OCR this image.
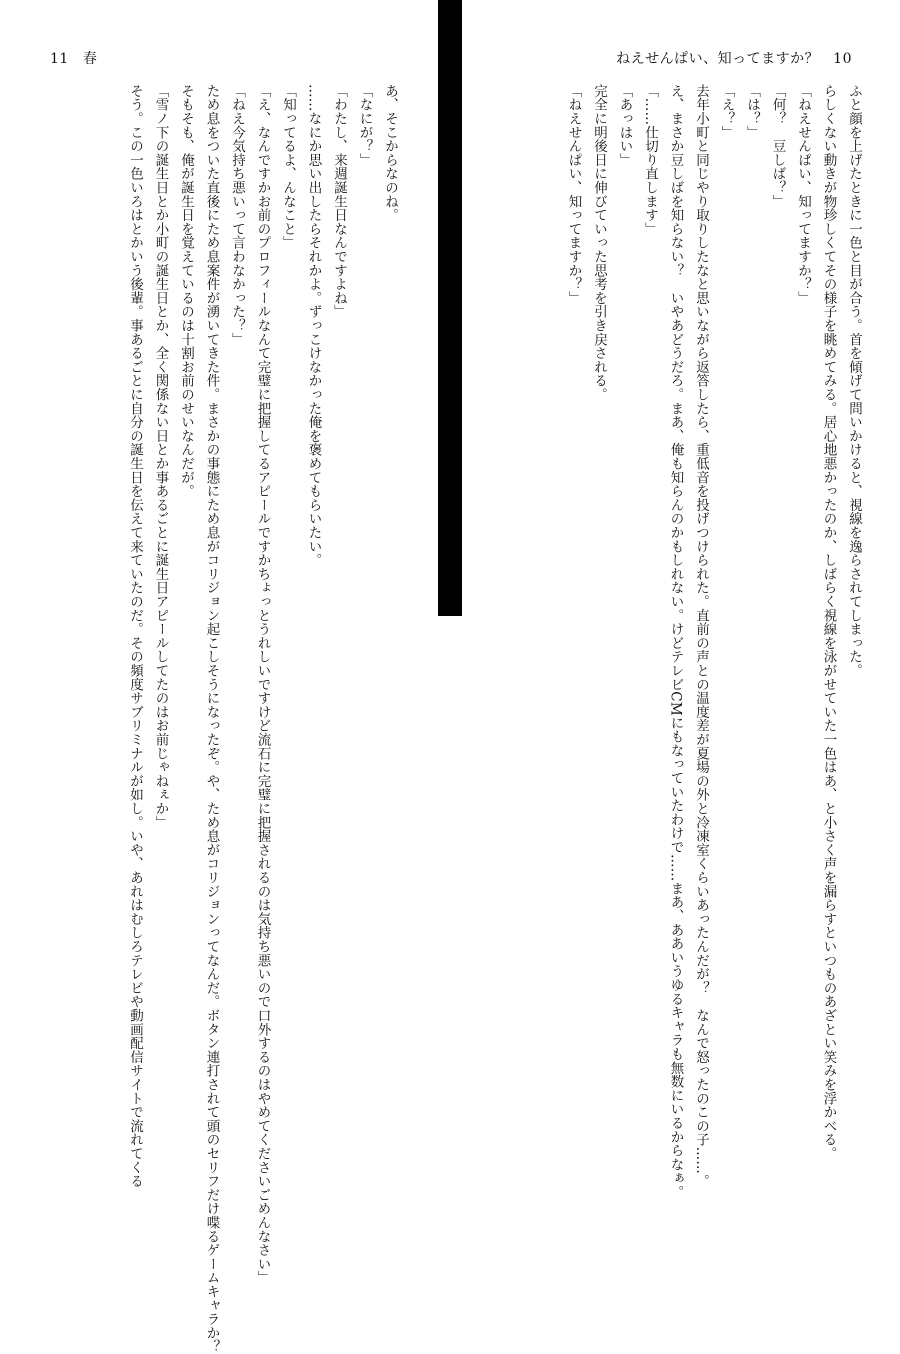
11 春
あ、そこからなのね。
「なにが？」
「わたし、来週誕生日なんですよね」
……なにか思い出したらそれかよ。ずっこけなかった俺を褒めてもらいたい。
「知ってるよ、んなこと」
「え、なんですかお前のプロフィールなんて完璧に把握してるアピールですかちょっとうれしいですけど流石に完璧に把握されるのは気持ち悪いので口外するのはやめてくださいごめんなさい」
「ねえ今気持ち悪いって言わなかった？」
ため息をついた直後にため息案件が湧いてきた件。まさかの事態にため息がコリジョン起こしそうになったぞ。や、ため息がコリジョンってなんだ。ボタン連打されて頭のセリフだけ喋るゲームキャラか？
そもそも、俺が誕生日を覚えているのは十割お前のせいなんだが。
「雪ノ下の誕生日とか小町の誕生日とか、全く関係ない日とか事あるごとに誕生日アピールしてたのはお前じゃねぇか」
そう。この一色いろはとかいう後輩。事あるごとに自分の誕生日を伝えて来ていたのだ。その頻度サブリミナルが如し。いや、あれはむしろテレビや動画配信サイトで流れてくる
ねえせんぱい、知ってますか？ 10
ふと顔を上げたときに一色と目が合う。首を傾げて問いかけると、視線を逸らされてしまった。
らしくない動きが物珍しくてその様子を眺めてみる。居心地悪かったのか、しばらく視線を泳がせていた一色はあ、と小さく声を漏らすといつものあざとい笑みを浮かべる。
「ねえせんぱい、知ってますか？」
「何？　豆しば？」
「は？」
「え？」
去年小町と同じやり取りしたなと思いながら返答したら、重低音を投げつけられた。直前の声との温度差が夏場の外と冷凍室くらいあったんだが？　なんで怒ったのこの子……。
え、まさか豆しばを知らない？　いやあどうだろ。まあ、俺も知らんのかもしれない。けどテレビCMにもなっていたわけで……まあ、ああいうゆるキャラも無数にいるからなぁ。
「……仕切り直します」
「あっはい」
完全に明後日に伸びていった思考を引き戻される。
「ねえせんぱい、知ってますか？」
